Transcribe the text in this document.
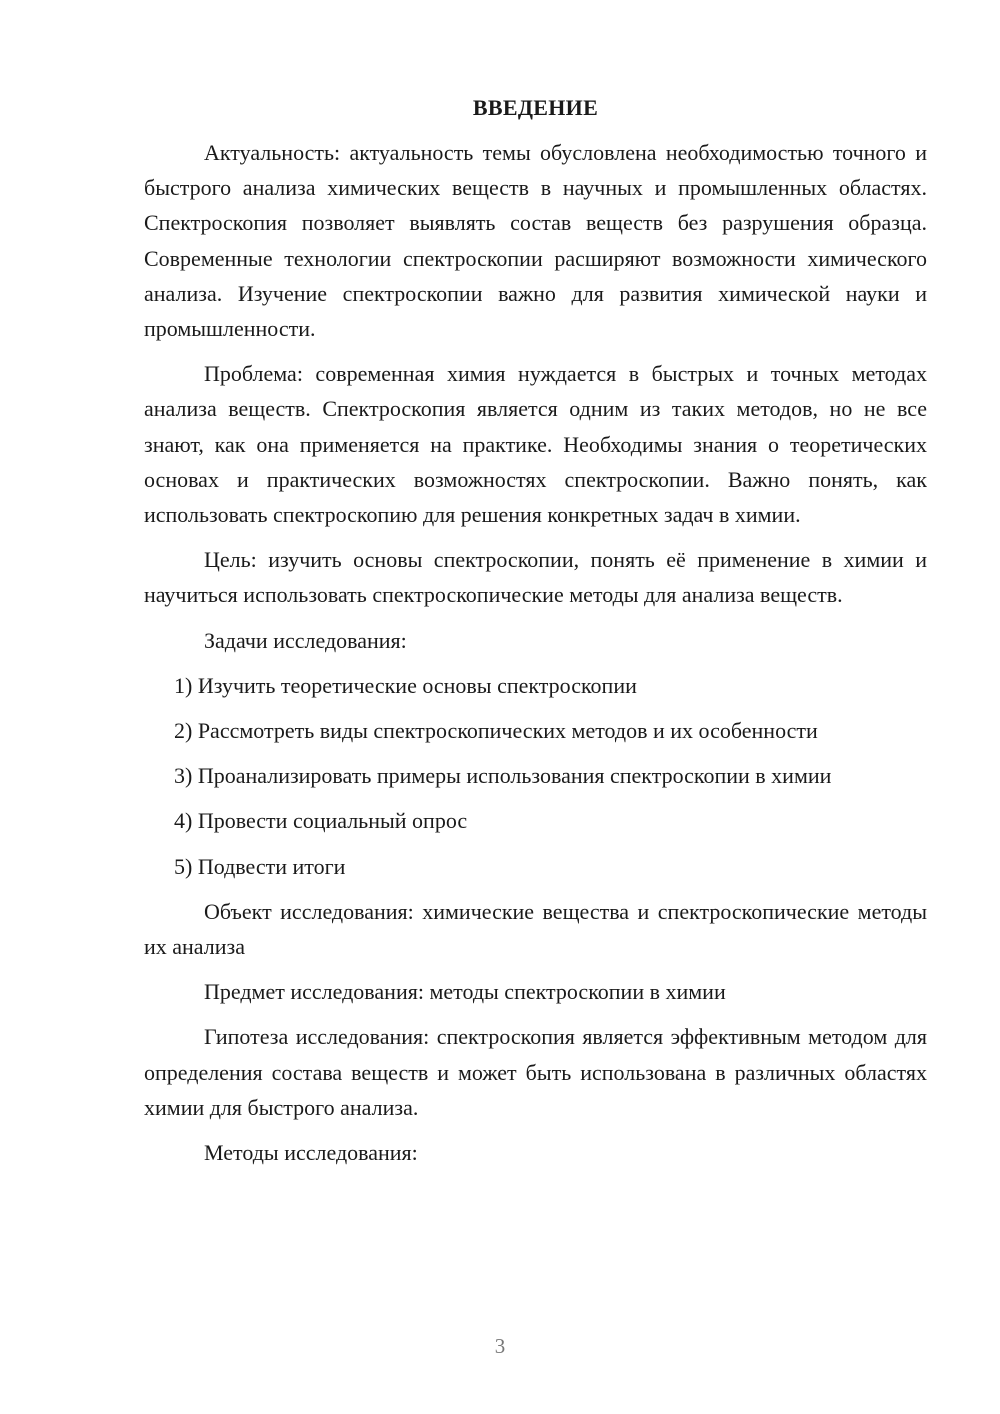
ВВЕДЕНИЕ

Актуальность: актуальность темы обусловлена необходимостью точного и быстрого анализа химических веществ в научных и промышленных областях. Спектроскопия позволяет выявлять состав веществ без разрушения образца. Современные технологии спектроскопии расширяют возможности химического анализа. Изучение спектроскопии важно для развития химической науки и промышленности.

Проблема: современная химия нуждается в быстрых и точных методах анализа веществ. Спектроскопия является одним из таких методов, но не все знают, как она применяется на практике. Необходимы знания о теоретических основах и практических возможностях спектроскопии. Важно понять, как использовать спектроскопию для решения конкретных задач в химии.

Цель: изучить основы спектроскопии, понять её применение в химии и научиться использовать спектроскопические методы для анализа веществ.

Задачи исследования:
1) Изучить теоретические основы спектроскопии
2) Рассмотреть виды спектроскопических методов и их особенности
3) Проанализировать примеры использования спектроскопии в химии
4) Провести социальный опрос
5) Подвести итоги

Объект исследования: химические вещества и спектроскопические методы их анализа

Предмет исследования: методы спектроскопии в химии

Гипотеза исследования: спектроскопия является эффективным методом для определения состава веществ и может быть использована в различных областях химии для быстрого анализа.

Методы исследования:
3
